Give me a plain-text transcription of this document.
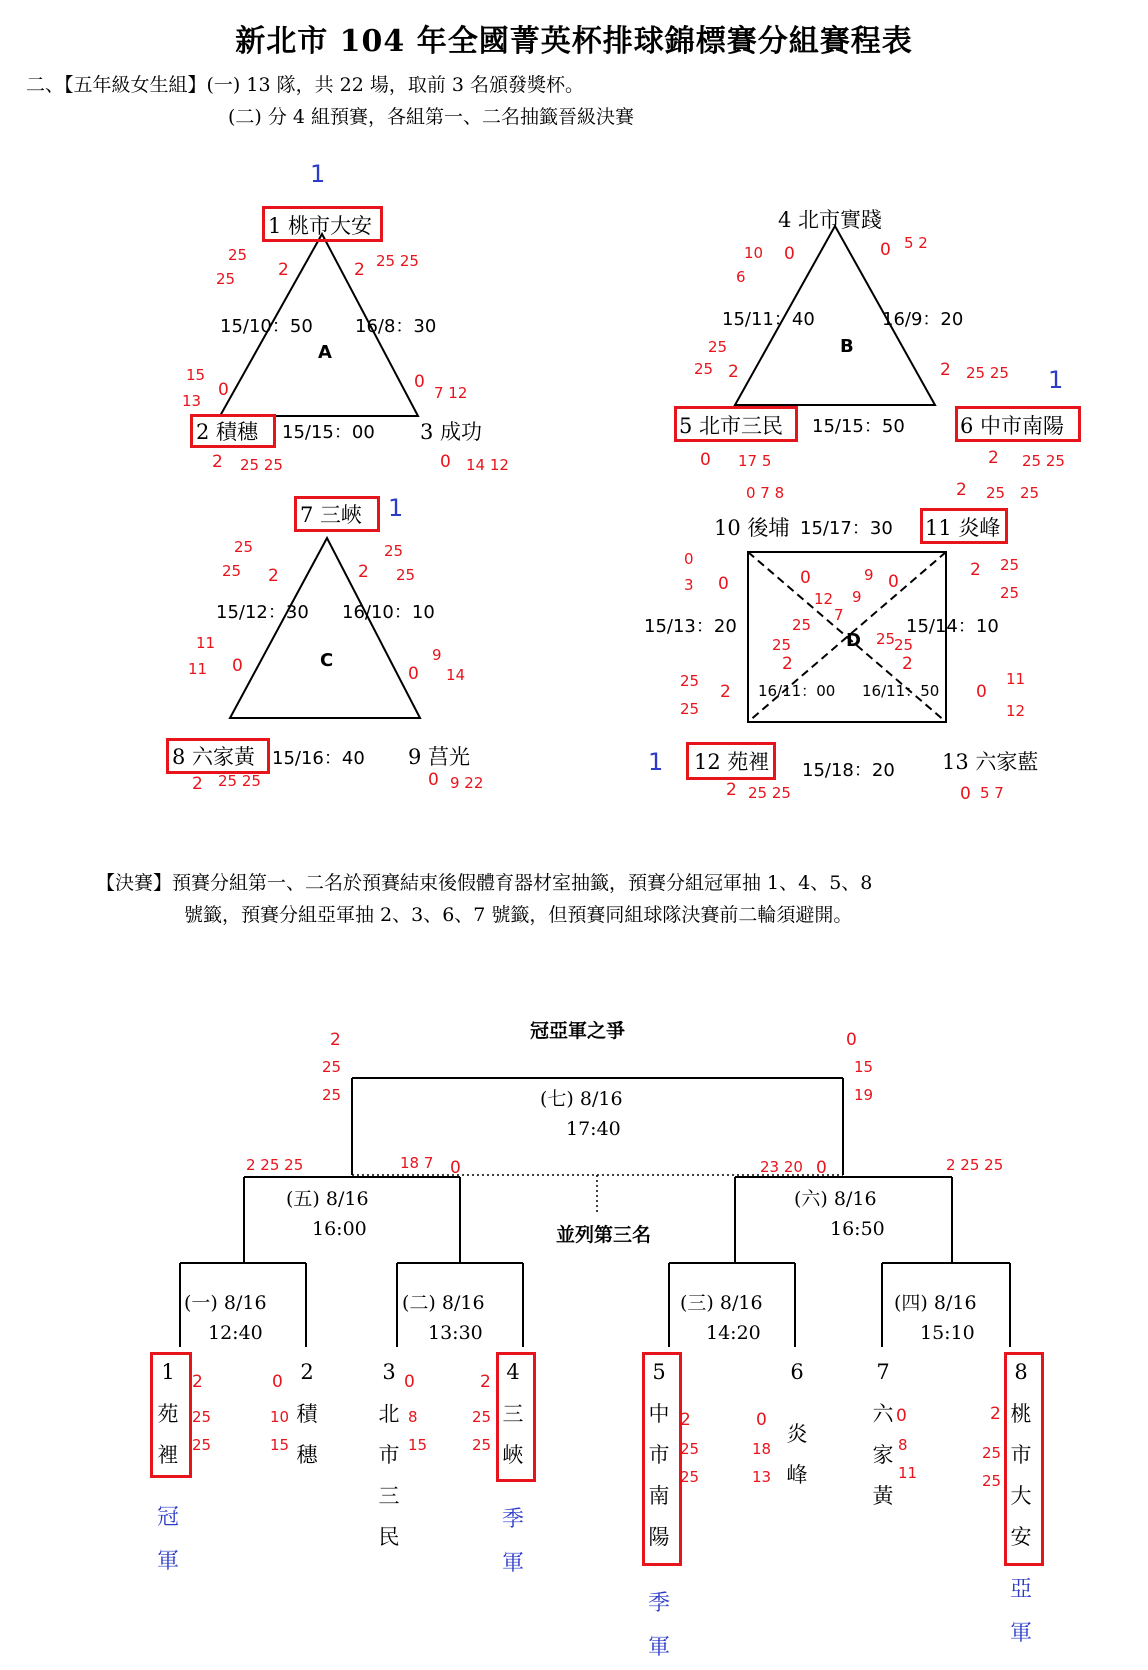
新北市 104 年全國菁英杯排球錦標賽分組賽程表
二、【五年級女生組】(一) 13 隊，共 22 場，取前 3 名頒發獎杯。
(二) 分 4 組預賽，各組第一、二名抽籤晉級決賽
1
1 桃市大安
2 積穗	3 成功
15/10：50 16/8：30
15/15：00
A
25
25	2	2 25 25
15
13
0	0
7 12
2 25 25	0 14 12
4 北市實踐
5 北市三民	6 中市南陽
1
15/11：40	16/9：20
15/15：50
B
10 0
6
0 5 2
25
25 2	2 25 25
0 17 5	2 25 25
7 三峽 1
8 六家黃	9 莒光
15/12：30 16/10：10
15/16：40
C
25
25 2
25
2 25
11
11 0
9
0 14
2 25 25	0 9 22
10 後埔	11 炎峰
12 苑裡	13 六家藍
1
15/17：30
15/13：20	15/14：10
16/11：00 16/11：50
15/18：20
D
0 7 8	2 25 25
0
3 0	0
12
9
9
0
2 25
25
25
7
25	25
25
2	2
25
25
2	0
11
12
2 25 25	0 5 7
【決賽】預賽分組第一、二名於預賽結束後假體育器材室抽籤，預賽分組冠軍抽 1、4、5、8
號籤，預賽分組亞軍抽 2、3、6、7 號籤，但預賽同組球隊決賽前二輪須避開。
冠亞軍之爭
(七) 8/16
17:40
(五) 8/16
16:00
(六) 8/16
16:50
並列第三名
(一) 8/16
12:40
(二) 8/16
13:30
(三) 8/16
14:20
(四) 8/16
15:10
2
25
25
0
15
19
2 25 25	18 7 0	23 20 0	2 25 25
1
苑裡
2
25
25
冠軍
2
積穗
0
10
15
3
北市三民
0
8
15
4
三峽
2
25
25
季軍
5
中市南陽
2
25
25
季軍
6
炎峰
0
18
13
7
六家黃
0
8
11
8
桃市大安
2
25
25
亞軍
